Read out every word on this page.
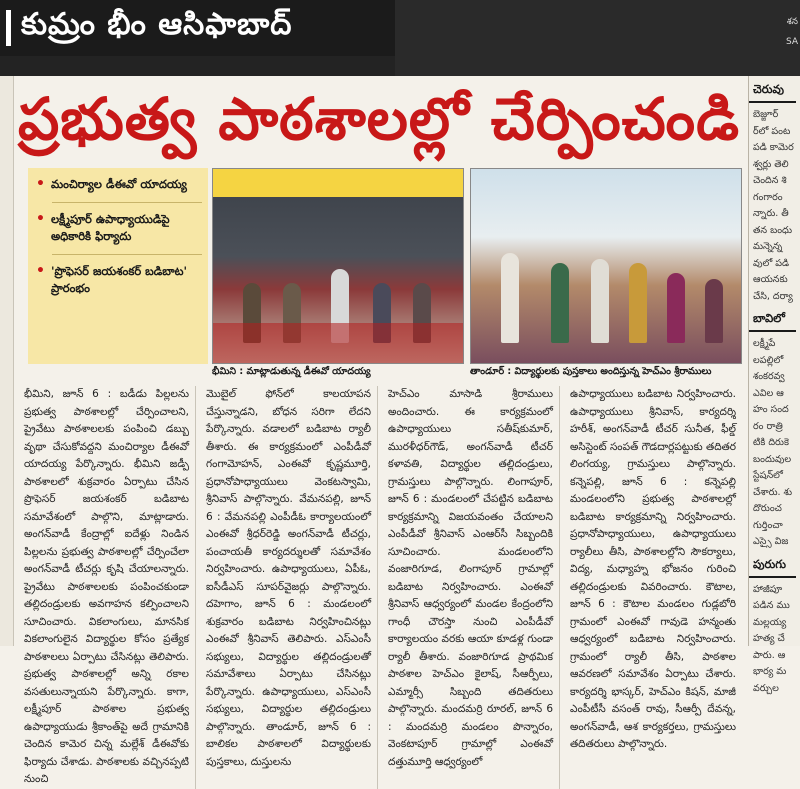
శన
SA
కుమ్రం భీం ఆసిఫాబాద్
ప్రభుత్వ పాఠశాలల్లో చేర్పించండి
• మంచిర్యాల డీఈవో యాదయ్య
• లక్ష్మీపూర్ ఉపాధ్యాయుడిపై అధికారికి ఫిర్యాదు
• 'ప్రొఫెసర్ జయశంకర్ బడిబాట' ప్రారంభం
భీమిని : మాట్లాడుతున్న డీఈవో యాదయ్య	తాండూర్ : విద్యార్థులకు పుస్తకాలు అందిస్తున్న హెచ్‌ఎం శ్రీరాములు

భీమిని, జూన్ 6 : బడీడు పిల్లలను ప్రభుత్వ పాఠశాలల్లో చేర్పించాలని, ప్రైవేటు పాఠశాలలకు పంపించి డబ్బు వృథా చేసుకోవద్దని మంచిర్యాల డీఈవో యాదయ్య పేర్కొన్నారు. భీమిని జడ్పీ పాఠశాలలో శుక్రవారం ఏర్పాటు చేసిన ప్రొఫెసర్ జయశంకర్ బడిబాట సమావేశంలో పాల్గొని, మాట్లాడారు. అంగన్‌వాడీ కేంద్రాల్లో ఐదేళ్లు నిండిన పిల్లలను ప్రభుత్వ పాఠశాలల్లో చేర్పించేలా అంగన్‌వాడీ టీచర్లు కృషి చేయాలన్నారు. ప్రైవేటు పాఠశాలలకు పంపించకుండా తల్లిదండ్రులకు అవగాహన కల్పించాలని సూచించారు. వికలాంగులు, మానసిక వికలాంగులైన విద్యార్థుల కోసం ప్రత్యేక పాఠశాలలు ఏర్పాటు చేసినట్లు తెలిపారు. ప్రభుత్వ పాఠశాలల్లో అన్ని రకాల వసతులున్నాయని పేర్కొన్నారు. కాగా, లక్ష్మీపూర్ పాఠశాల ప్రభుత్వ ఉపాధ్యాయుడు శ్రీకాంత్‌పై అదే గ్రామానికి చెందిన కామెర చిన్న మల్లేశ్ డీఈవోకు ఫిర్యాదు చేశాడు. పాఠశాలకు వచ్చినప్పటి నుంచి

మొబైల్ ఫోన్‌లో కాలయాపన చేస్తున్నాడని, బోధన సరిగా లేదని పేర్కొన్నారు. వడాలలో బడిబాట ర్యాలీ తీశారు. ఈ కార్యక్రమంలో ఎంపీడీవో గంగామోహన్, ఎంఈవో కృష్ణమూర్తి, ప్రధానోపాధ్యాయులు వెంకటస్వామి, శ్రీనివాస్ పాల్గొన్నారు. వేమనపల్లి, జూన్ 6 : వేమనపల్లి ఎంపీడీఓ కార్యాలయంలో ఎంఈవో శ్రీధర్‌రెడ్డి అంగన్‌వాడీ టీచర్లు, పంచాయతీ కార్యదర్శులతో సమావేశం నిర్వహించారు. ఉపాధ్యాయులు, ఏపీఓ, ఐసీడీఎస్ సూపర్‌వైజర్లు పాల్గొన్నారు. దహెగాం, జూన్ 6 : మండలంలో శుక్రవారం బడిబాట నిర్వహించినట్లు ఎంఈవో శ్రీనివాస్ తెలిపారు. ఎస్ఎంసీ సభ్యులు, విద్యార్థుల తల్లిదండ్రులతో సమావేశాలు ఏర్పాటు చేసినట్లు పేర్కొన్నారు. ఉపాధ్యాయులు, ఎస్ఎంసీ సభ్యులు, విద్యార్థుల తల్లిదండ్రులు పాల్గొన్నారు. తాండూర్, జూన్ 6 : బాలికల పాఠశాలలో విద్యార్థులకు పుస్తకాలు, దుస్తులను

హెచ్‌ఎం మాసాడి శ్రీరాములు అందించారు. ఈ కార్యక్రమంలో ఉపాధ్యాయులు సతీష్‌కుమార్, మురళీధర్‌గౌడ్, అంగన్‌వాడీ టీచర్ కళావతి, విద్యార్థుల తల్లిదండ్రులు, గ్రామస్తులు పాల్గొన్నారు. లింగాపూర్, జూన్ 6 : మండలంలో చేపట్టిన బడిబాట కార్యక్రమాన్ని విజయవంతం చేయాలని ఎంపీడీవో శ్రీనివాస్ ఎంఆర్‌సీ సిబ్బందికి సూచించారు. మండలంలోని వంజారిగూడ, లింగాపూర్ గ్రామాల్లో బడిబాట నిర్వహించారు. ఎంఈవో శ్రీనివాస్ ఆధ్వర్యంలో మండల కేంద్రంలోని గాంధీ చౌరస్తా నుంచి ఎంపీడీవో కార్యాలయం వరకు ఆయా కూడళ్ల గుండా ర్యాలీ తీశారు. వంజారిగూడ ప్రాథమిక పాఠశాల హెచ్‌ఎం కైలాష్, సీఆర్పీలు, ఎమ్మార్సీ సిబ్బంది తదితరులు పాల్గొన్నారు. మందమర్రి రూరల్, జూన్ 6 : మందమర్రి మండలం పొన్నారం, వెంకటాపూర్ గ్రామాల్లో ఎంఈవో దత్తుమూర్తి ఆధ్వర్యంలో

ఉపాధ్యాయులు బడిబాట నిర్వహించారు. ఉపాధ్యాయులు శ్రీనివాస్, కార్యదర్శి హరీశ్, అంగన్‌వాడీ టీచర్ సునీత, ఫీల్డ్ అసిస్టెంట్ సంపత్ గౌడదార్లపట్టుకు తదితర లింగయ్య, గ్రామస్తులు పాల్గొన్నారు. కన్నెపల్లి, జూన్ 6 : కన్నెపల్లి మండలంలోని ప్రభుత్వ పాఠశాలల్లో బడిబాట కార్యక్రమాన్ని నిర్వహించారు. ప్రధానోపాధ్యాయులు, ఉపాధ్యాయులు ర్యాలీలు తీసి, పాఠశాలల్లోని సౌకర్యాలు, విద్య, మధ్యాహ్న భోజనం గురించి తల్లిదండ్రులకు వివరించారు. కౌటాల, జూన్ 6 : కౌటాల మండలం గుడ్లబోరి గ్రామంలో ఎంఈవో గావుడె హన్మంతు ఆధ్వర్యంలో బడిబాట నిర్వహించారు. గ్రామంలో ర్యాలీ తీసి, పాఠశాల ఆవరణలో సమావేశం ఏర్పాటు చేశారు. కార్యదర్శి భాస్కర్, హెచ్‌ఎం కిషన్, మాజీ ఎంపీటీసీ వసంత్ రావు, సీఆర్పీ దేవన్న, అంగన్‌వాడీ, ఆశ కార్యకర్తలు, గ్రామస్తులు తదితరులు పాల్గొన్నారు.

చెరువు
బెజ్జూర్
ర్‌లో పంట
పడి కామెర
శ్వర్లు తెలి
చెందిన శి
గంగారం
న్నారు. తీ
తన బంధు
మన్నెన్న
వులో పడి
ఆయనకు
చేసి, దర్యా
బావిలో
లక్ష్మీపే
లపల్లిలో
శంకరవ్వ
ఎవిల ఆ
హం సంద
రం రాత్రి
టికి దిరుకె
బందువుల
స్టేషన్‌లో
చేశారు. శు
దొరుంచ
గుర్తించా
ఎస్సై విజ
పురుగు
హాజీపూ
పడిన ము
మల్లయ్య
హత్య చే
పారు. ఆ
భార్య మ
వర్చుల
